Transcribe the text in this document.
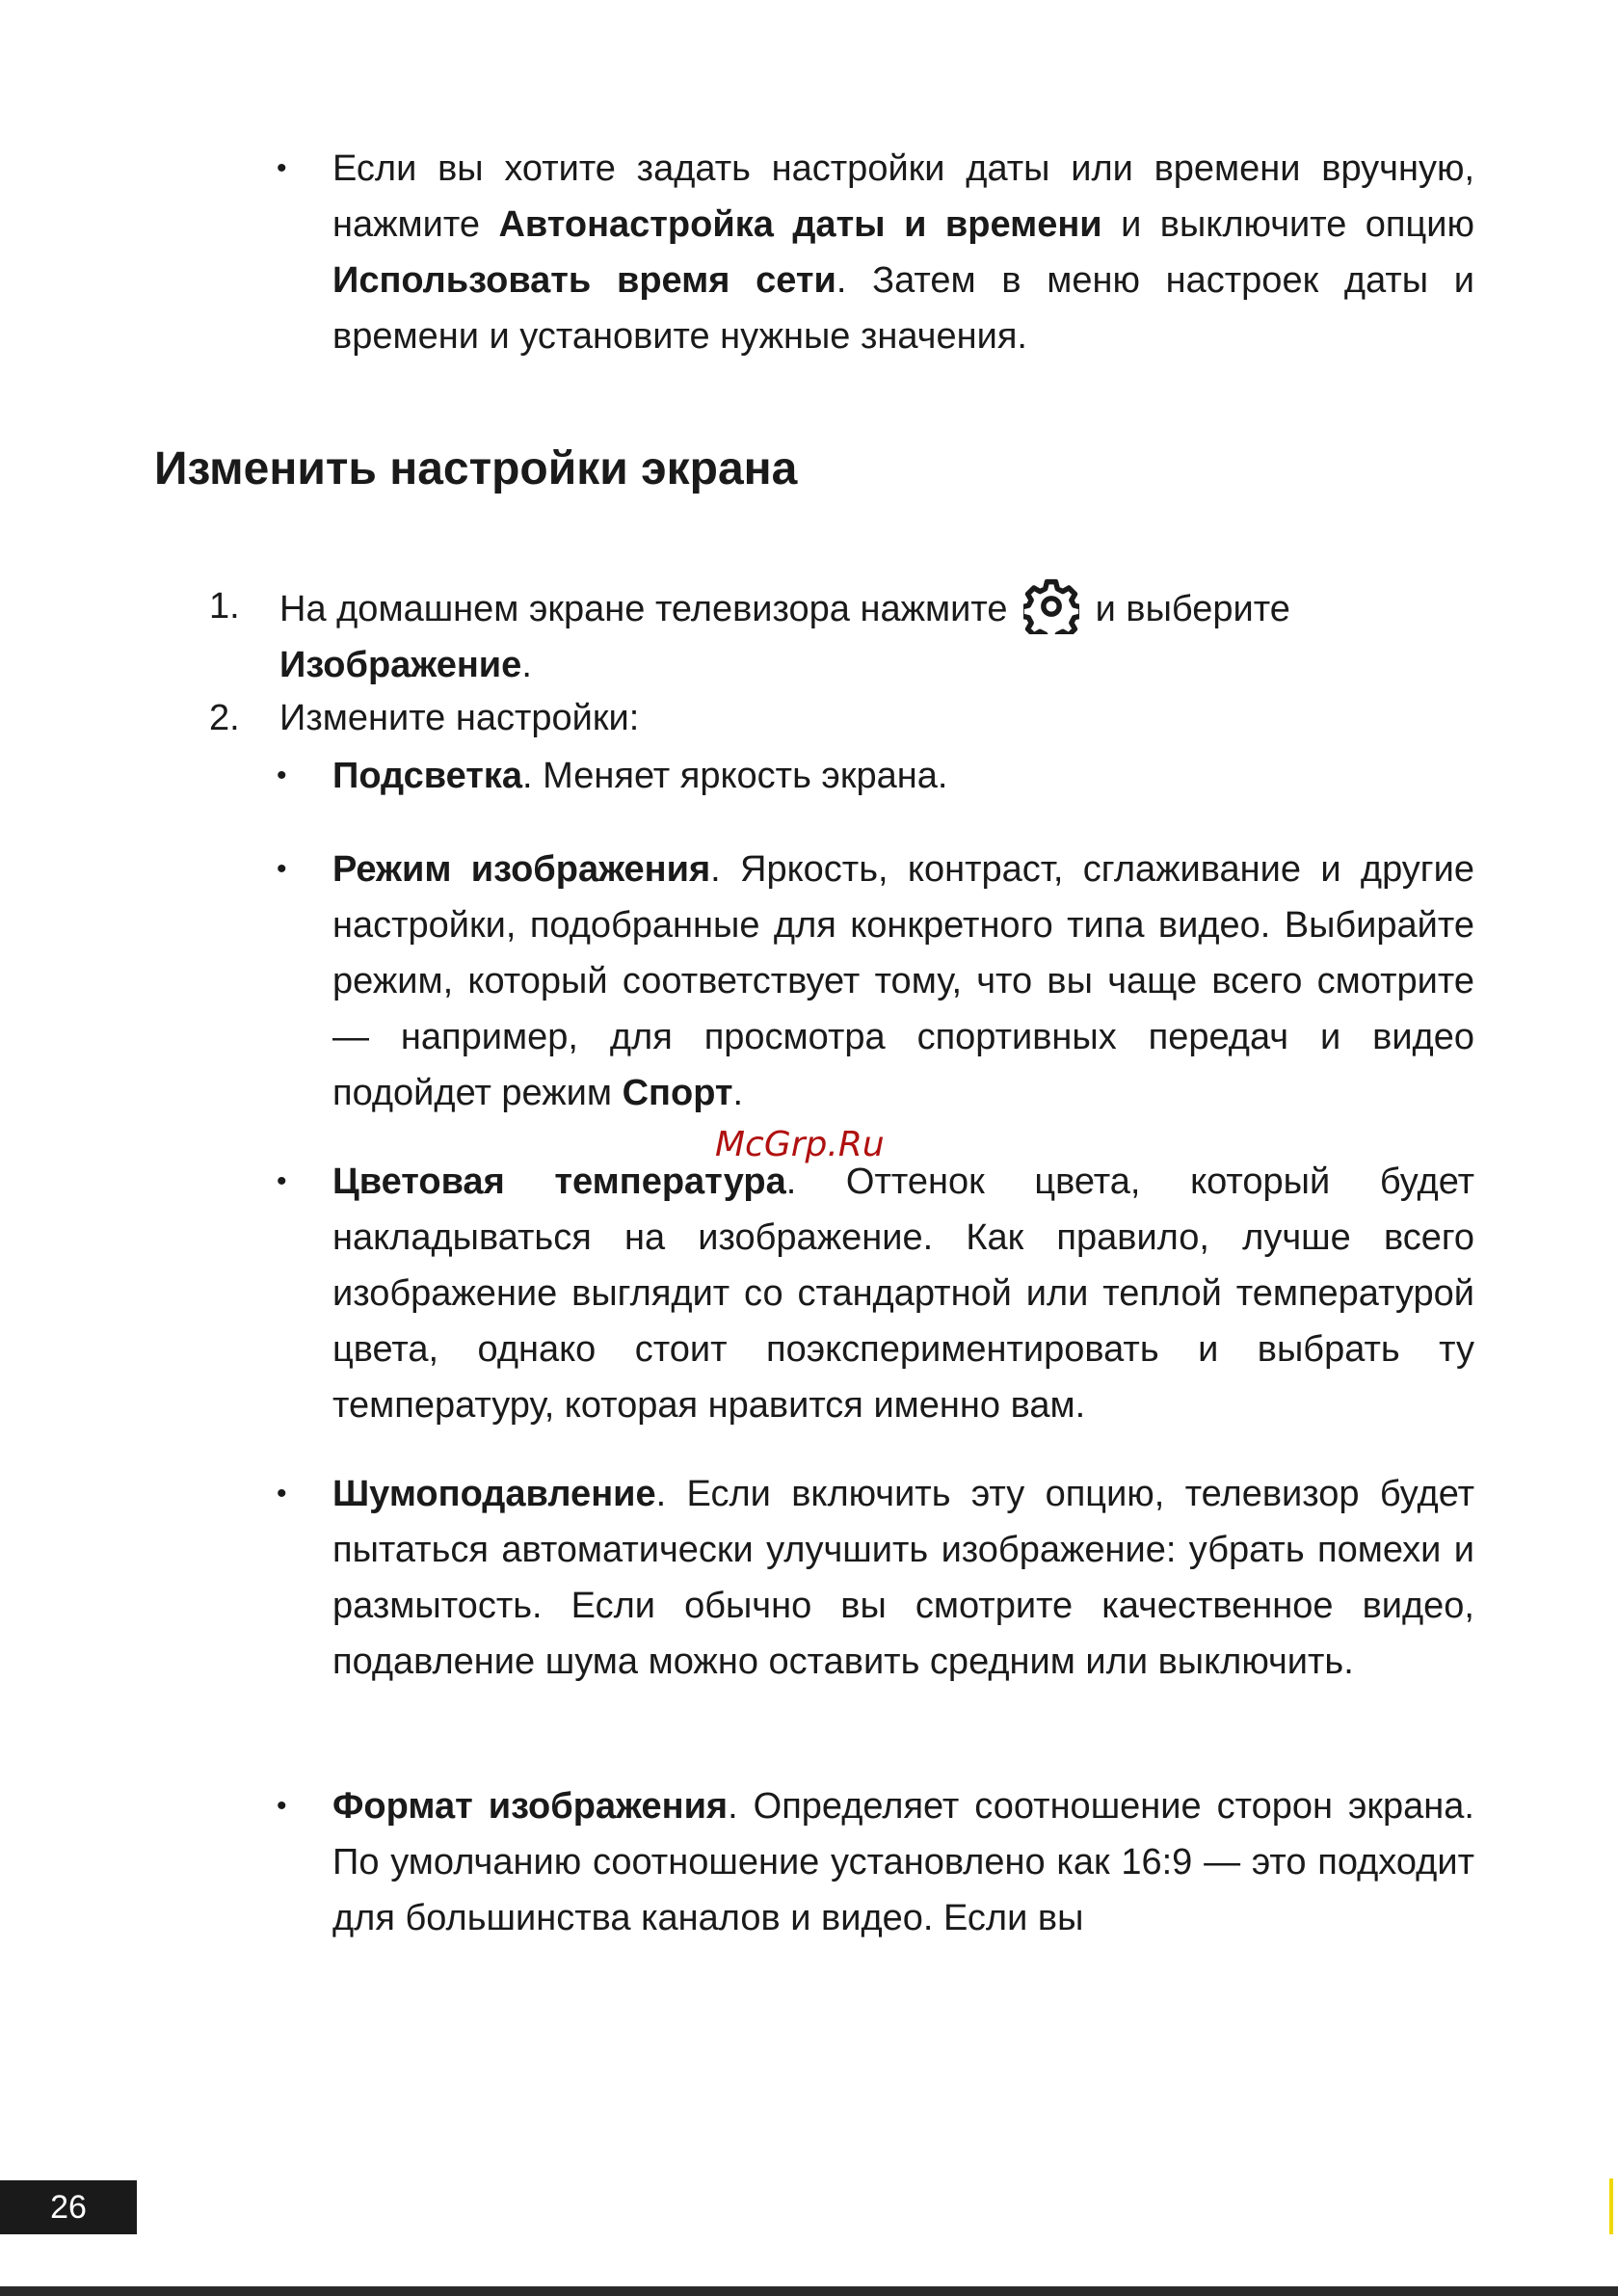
• Если вы хотите задать настройки даты или времени вручную, нажмите Автонастройка даты и времени и выключите опцию Использовать время сети. Затем в меню настроек даты и времени и установите нужные значения.
Изменить настройки экрана
1. На домашнем экране телевизора нажмите и выберите
Изображение.
2. Измените настройки:
• Подсветка. Меняет яркость экрана.
• Режим изображения. Яркость, контраст, сглаживание и другие настройки, подобранные для конкретного типа видео. Выбирайте режим, который соответствует тому, что вы чаще всего смотрите — например, для просмотра спортивных передач и видео подойдет режим Спорт.
McGrp.Ru
• Цветовая температура. Оттенок цвета, который будет накладываться на изображение. Как правило, лучше всего изображение выглядит со стандартной или теплой температурой цвета, однако стоит поэкспериментировать и выбрать ту температуру, которая нравится именно вам.
• Шумоподавление. Если включить эту опцию, телевизор будет пытаться автоматически улучшить изображение: убрать помехи и размытость. Если обычно вы смотрите качественное видео, подавление шума можно оставить средним или выключить.
• Формат изображения. Определяет соотношение сторон экрана. По умолчанию соотношение установлено как 16:9 — это подходит для большинства каналов и видео. Если вы
26
